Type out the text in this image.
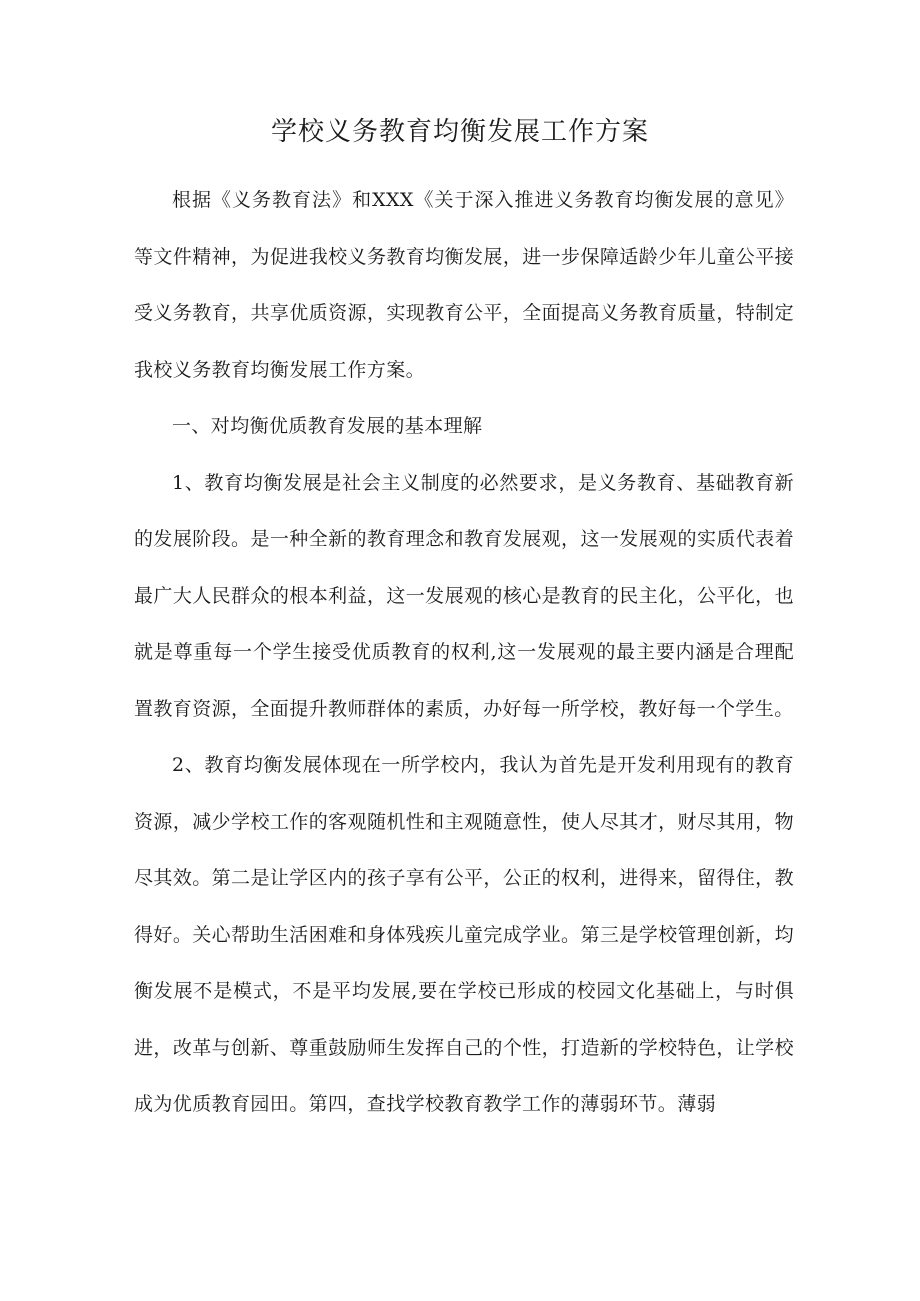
学校义务教育均衡发展工作方案

根据《义务教育法》和XXX《关于深入推进义务教育均衡发展的意见》等文件精神，为促进我校义务教育均衡发展，进一步保障适龄少年儿童公平接受义务教育，共享优质资源，实现教育公平，全面提高义务教育质量，特制定我校义务教育均衡发展工作方案。

一、对均衡优质教育发展的基本理解

1、教育均衡发展是社会主义制度的必然要求，是义务教育、基础教育新的发展阶段。是一种全新的教育理念和教育发展观，这一发展观的实质代表着最广大人民群众的根本利益，这一发展观的核心是教育的民主化，公平化，也就是尊重每一个学生接受优质教育的权利,这一发展观的最主要内涵是合理配置教育资源，全面提升教师群体的素质，办好每一所学校，教好每一个学生。

2、教育均衡发展体现在一所学校内，我认为首先是开发利用现有的教育资源，减少学校工作的客观随机性和主观随意性，使人尽其才，财尽其用，物尽其效。第二是让学区内的孩子享有公平，公正的权利，进得来，留得住，教得好。关心帮助生活困难和身体残疾儿童完成学业。第三是学校管理创新，均衡发展不是模式，不是平均发展,要在学校已形成的校园文化基础上，与时俱进，改革与创新、尊重鼓励师生发挥自己的个性，打造新的学校特色，让学校成为优质教育园田。第四，查找学校教育教学工作的薄弱环节。薄弱
